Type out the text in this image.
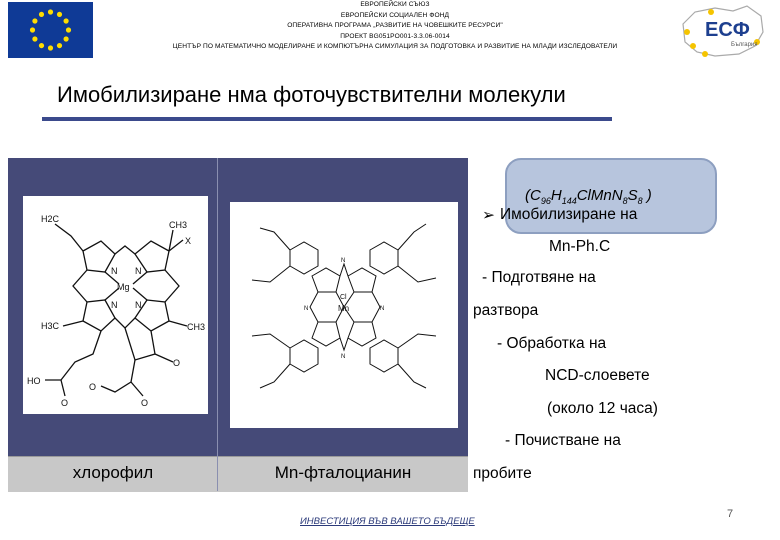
ЕВРОПЕЙСКИ СЪЮЗ
ЕВРОПЕЙСКИ СОЦИАЛЕН ФОНД
ОПЕРАТИВНА ПРОГРАМА „РАЗВИТИЕ НА ЧОВЕШКИТЕ РЕСУРСИ"
ПРОЕКТ BG051PO001-3.3.06-0014
ЦЕНТЪР ПО МАТЕМАТИЧНО МОДЕЛИРАНЕ И КОМПЮТЪРНА СИМУЛАЦИЯ ЗА ПОДГОТОВКА И РАЗВИТИЕ НА МЛАДИ ИЗСЛЕДОВАТЕЛИ
ЕСФ
България
Имобилизиране нма фоточувствителни молекули
H2C
X
N
Mg
N
N N
CH3
H3C	CH3
O
O
O
HO
O
Mn
Cl
N
N
N	N
хлорофил	Mn-фталоцианин
($C_{96}H_{144}ClMnN_8S_8$ )
➢ Имобилизиране на
Mn-Ph.C
- Подготвяне на
разтвора
- Обработка на
NCD-слоевете
(около 12 часа)
- Почистване на
пробите
7
ИНВЕСТИЦИЯ ВЪВ ВАШЕТО БЪДЕЩЕ
